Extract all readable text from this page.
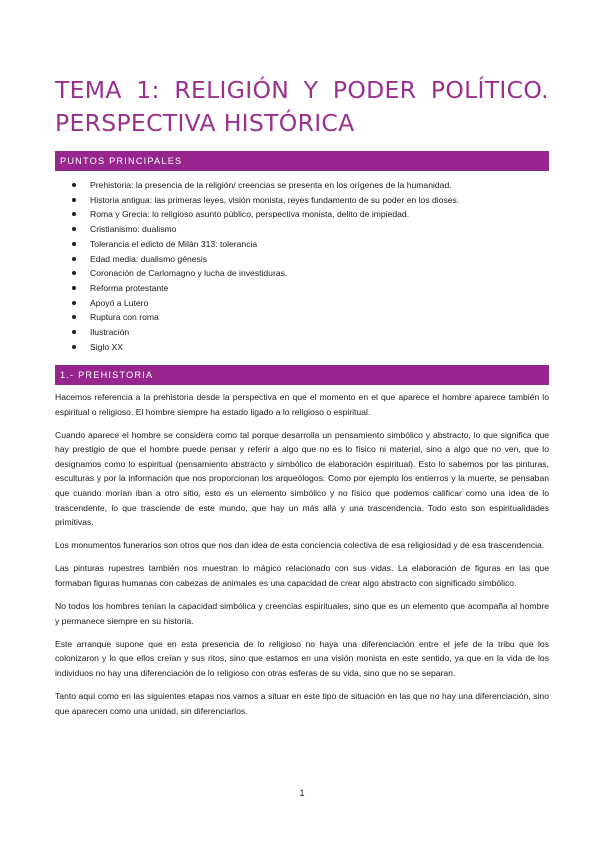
TEMA 1: RELIGIÓN Y PODER POLÍTICO.
PERSPECTIVA HISTÓRICA
PUNTOS PRINCIPALES
Prehistoria: la presencia de la religión/ creencias se presenta en los orígenes de la humanidad.
Historia antigua: las primeras leyes, visión monista, reyes fundamento de su poder en los dioses.
Roma y Grecia: lo religioso asunto público, perspectiva monista, delito de impiedad.
Cristianismo: dualismo
Tolerancia el edicto de Milán 313: tolerancia
Edad media: dualismo génesis
Coronación de Carlomagno y lucha de investiduras.
Reforma protestante
Apoyó a Lutero
Ruptura con roma
Ilustración
Siglo XX
1.- PREHISTORIA

Hacemos referencia a la prehistoria desde la perspectiva en que el momento en el que aparece el hombre aparece también lo espiritual o religioso. El hombre siempre ha estado ligado a lo religioso o espiritual.

Cuando aparece el hombre se considera como tal porque desarrolla un pensamiento simbólico y abstracto, lo que significa que hay prestigio de que el hombre puede pensar y referir a algo que no es lo físico ni material, sino a algo que no ven, que lo designamos como lo espiritual (pensamiento abstracto y simbólico de elaboración espiritual). Esto lo sabemos por las pinturas, esculturas y por la información que nos proporcionan los arqueólogos. Como por ejemplo los entierros y la muerte, se pensaban que cuando morían iban a otro sitio, esto es un elemento simbólico y no físico que podemos calificar como una idea de lo trascendente, lo que trasciende de este mundo, que hay un más allá y una trascendencia. Todo esto son espiritualidades primitivas.

Los monumentos funerarios son otros que nos dan idea de esta conciencia colectiva de esa religiosidad y de esa trascendencia.

Las pinturas rupestres también nos muestran lo mágico relacionado con sus vidas. La elaboración de figuras en las que formaban figuras humanas con cabezas de animales es una capacidad de crear algo abstracto con significado simbólico.

No todos los hombres tenían la capacidad simbólica y creencias espirituales, sino que es un elemento que acompaña al hombre y permanece siempre en su historia.

Este arranque supone que en esta presencia de lo religioso no haya una diferenciación entre el jefe de la tribu que los colonizaron y lo que ellos creían y sus ritos, sino que estamos en una visión monista en este sentido, ya que en la vida de los individuos no hay una diferenciación de lo religioso con otras esferas de su vida, sino que no se separan.

Tanto aquí como en las siguientes etapas nos vamos a situar en este tipo de situación en las que no hay una diferenciación, sino que aparecen como una unidad, sin diferenciarlos.

1
